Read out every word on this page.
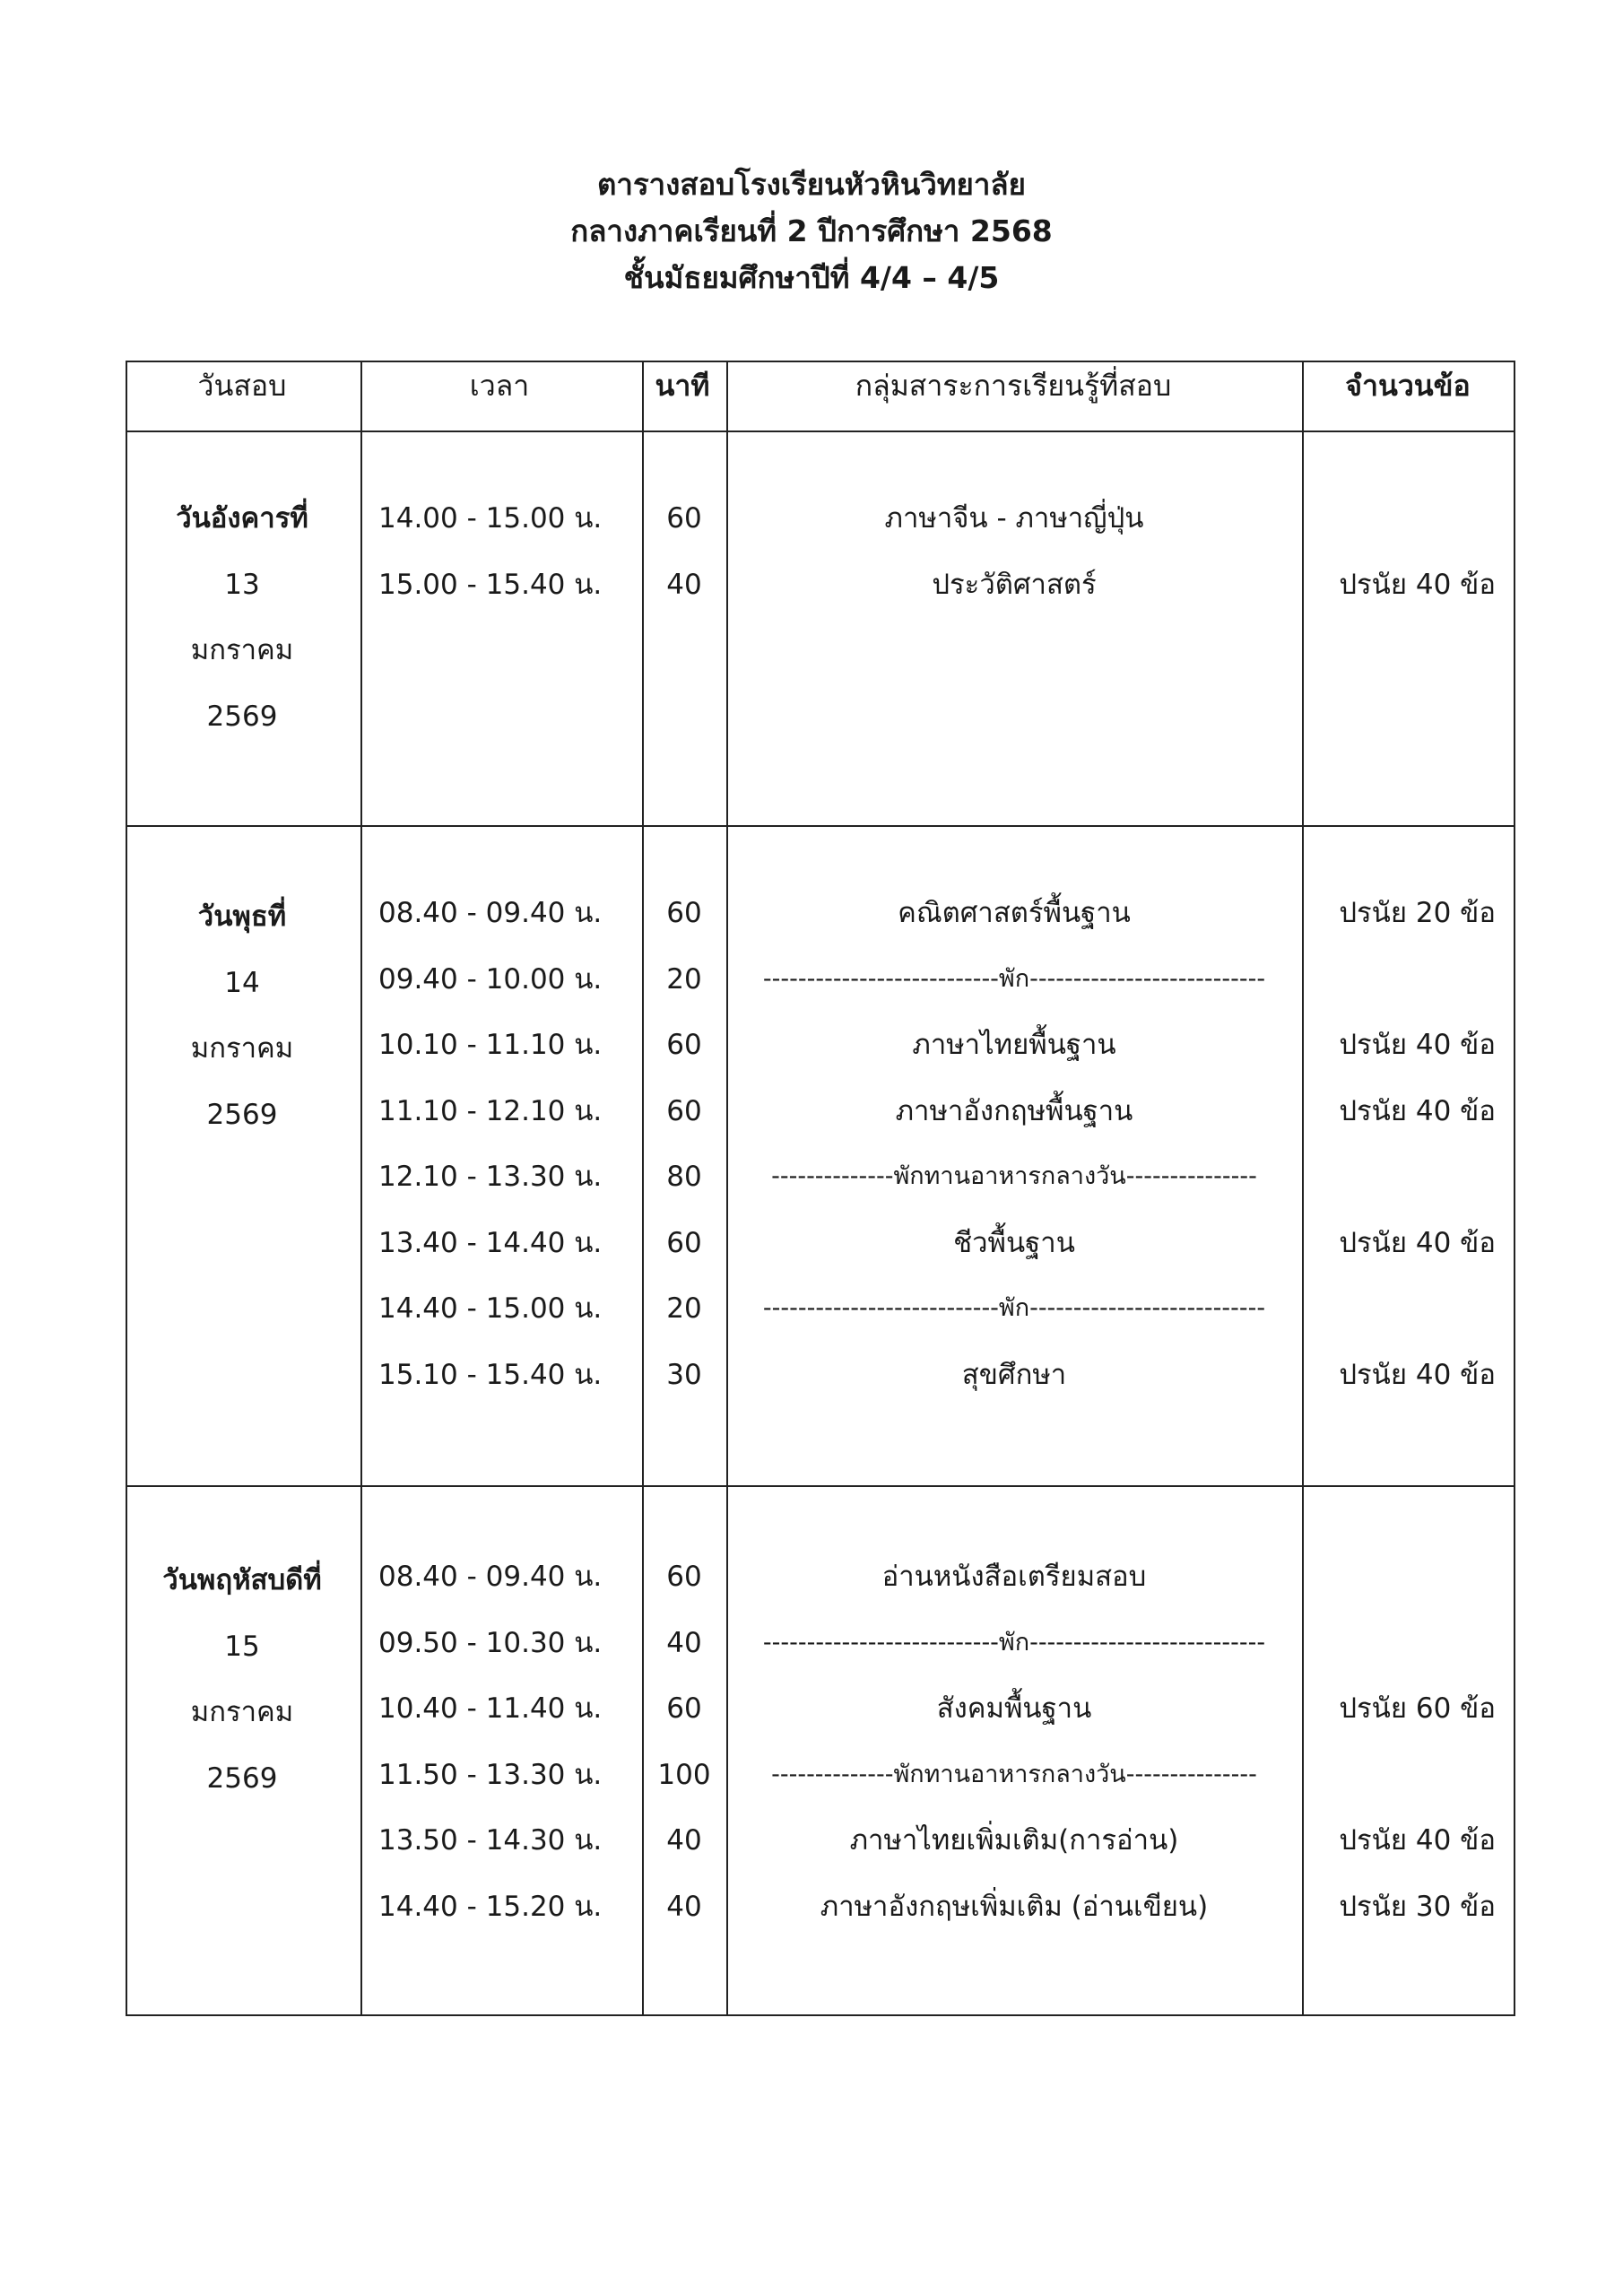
ตารางสอบโรงเรียนหัวหินวิทยาลัย

กลางภาคเรียนที่ 2 ปีการศึกษา 2568

ชั้นมัธยมศึกษาปีที่ 4/4 – 4/5

วันสอบ	เวลา	นาที	กลุ่มสาระการเรียนรู้ที่สอบ	จำนวนข้อ
วันอังคารที่
13
มกราคม
2569
14.00 - 15.00 น.	60	ภาษาจีน - ภาษาญี่ปุ่น
15.00 - 15.40 น.	40	ประวัติศาสตร์	ปรนัย 40 ข้อ
วันพุธที่
14
มกราคม
2569
08.40 - 09.40 น.	60	คณิตศาสตร์พื้นฐาน	ปรนัย 20 ข้อ
09.40 - 10.00 น.	20	---------------------------พัก---------------------------
10.10 - 11.10 น.	60	ภาษาไทยพื้นฐาน	ปรนัย 40 ข้อ
11.10 - 12.10 น.	60	ภาษาอังกฤษพื้นฐาน	ปรนัย 40 ข้อ
12.10 - 13.30 น.	80	--------------พักทานอาหารกลางวัน---------------
13.40 - 14.40 น.	60	ชีวพื้นฐาน	ปรนัย 40 ข้อ
14.40 - 15.00 น.	20	---------------------------พัก---------------------------
15.10 - 15.40 น.	30	สุขศึกษา	ปรนัย 40 ข้อ
วันพฤหัสบดีที่
15
มกราคม
2569
08.40 - 09.40 น.	60	อ่านหนังสือเตรียมสอบ
09.50 - 10.30 น.	40	---------------------------พัก---------------------------
10.40 - 11.40 น.	60	สังคมพื้นฐาน	ปรนัย 60 ข้อ
11.50 - 13.30 น.	100	--------------พักทานอาหารกลางวัน---------------
13.50 - 14.30 น.	40	ภาษาไทยเพิ่มเติม(การอ่าน)	ปรนัย 40 ข้อ
14.40 - 15.20 น.	40	ภาษาอังกฤษเพิ่มเติม (อ่านเขียน)	ปรนัย 30 ข้อ
